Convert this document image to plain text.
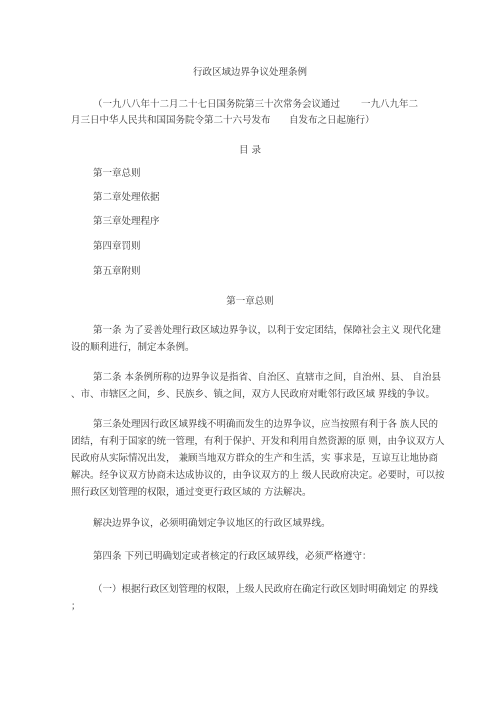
行政区域边界争议处理条例
（一九八八年十二月二十七日国务院第三十次常务会议通过 一九八九年二
月三日中华人民共和国国务院令第二十六号发布 自发布之日起施行）
目 录
第一章总则
第二章处理依据
第三章处理程序
第四章罚则
第五章附则
第一章总则
第一条 为了妥善处理行政区域边界争议，以利于安定团结，保障社会主义 现代化建
设的顺利进行，制定本条例。
第二条 本条例所称的边界争议是指省、自治区、直辖市之间，自治州、县、 自治县
、市、市辖区之间，乡、民族乡、镇之间，双方人民政府对毗邻行政区域 界线的争议。
第三条处理因行政区域界线不明确而发生的边界争议，应当按照有利于各 族人民的
团结，有利于国家的统一管理，有利于保护、开发和利用自然资源的原 则，由争议双方人
民政府从实际情况出发， 兼顾当地双方群众的生产和生活，实 事求是，互谅互让地协商
解决。经争议双方协商未达成协议的，由争议双方的上 级人民政府决定。必要时，可以按
照行政区划管理的权限，通过变更行政区域的 方法解决。
解决边界争议，必须明确划定争议地区的行政区域界线。
第四条 下列已明确划定或者核定的行政区域界线，必须严格遵守：
（一）根据行政区划管理的权限，上级人民政府在确定行政区划时明确划定 的界线
；
